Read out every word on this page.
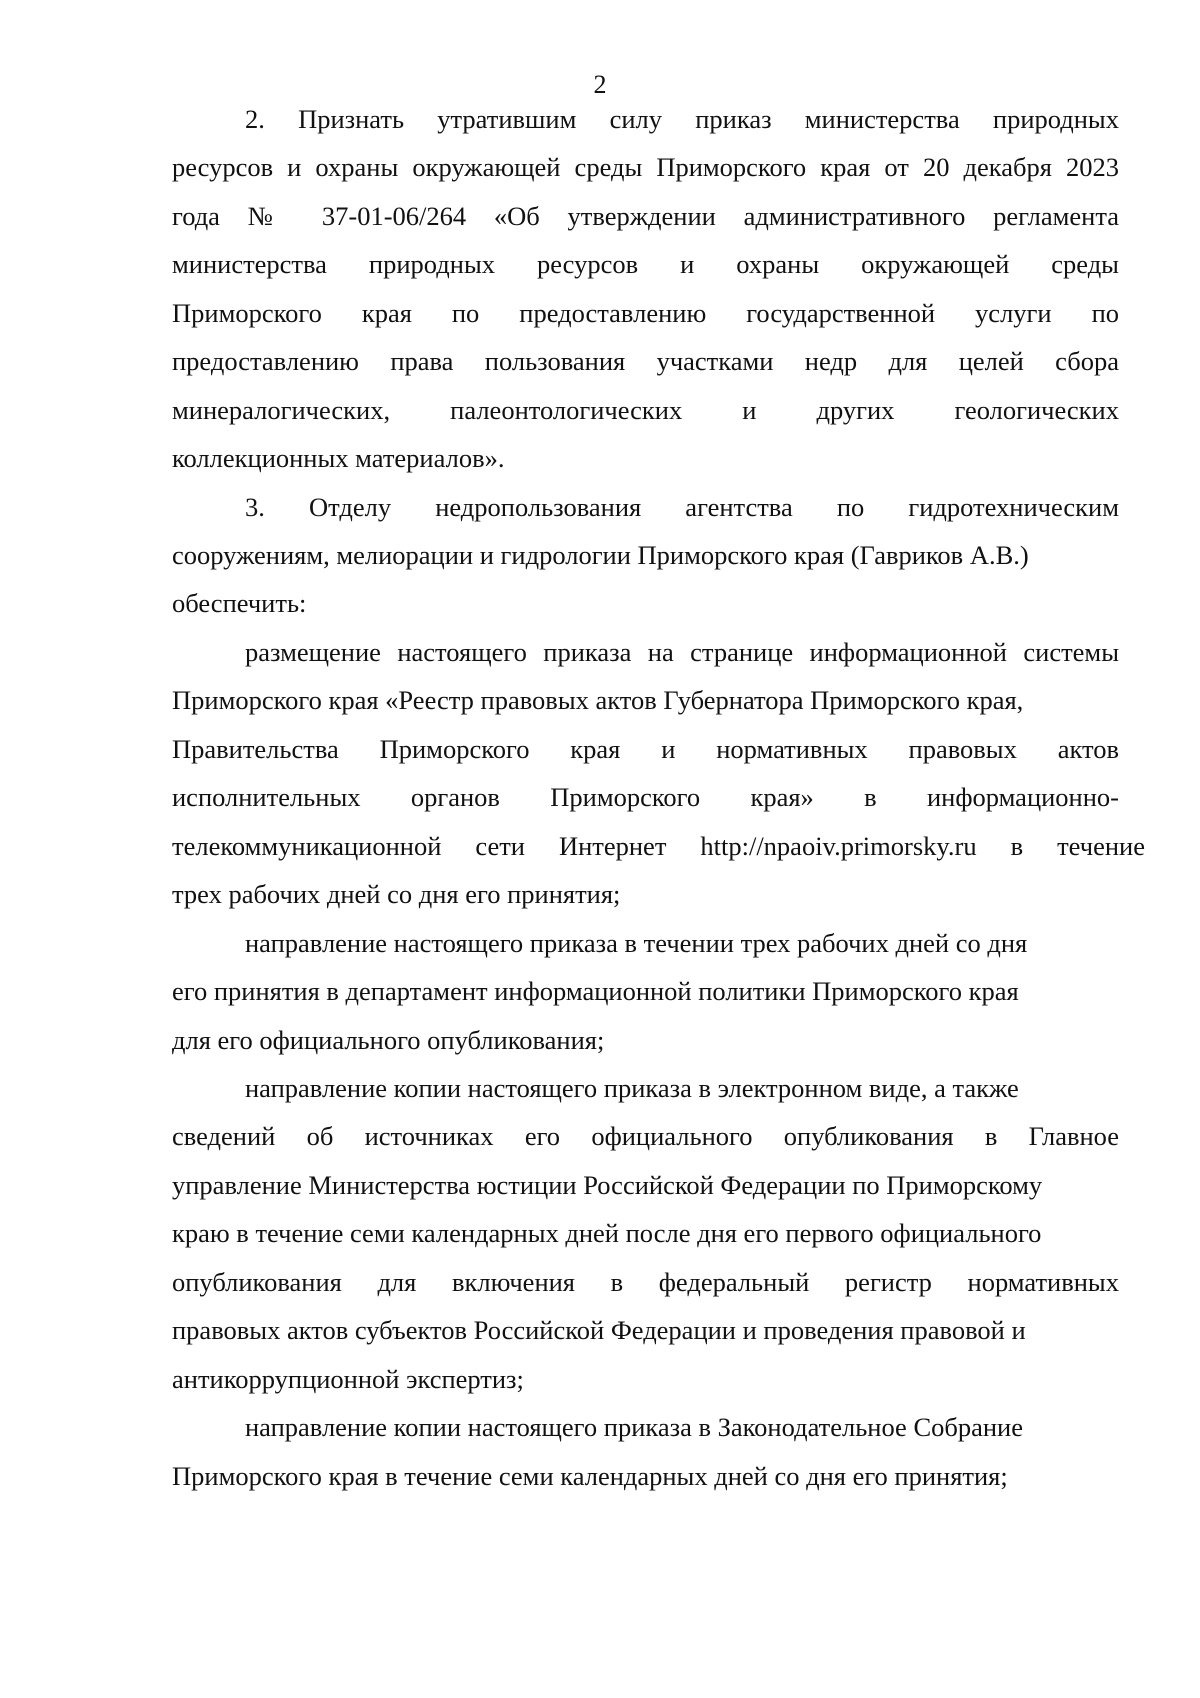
2
2. Признать утратившим силу приказ министерства природных
ресурсов и охраны окружающей среды Приморского края от 20 декабря 2023
года № 37-01-06/264 «Об утверждении административного регламента
министерства природных ресурсов и охраны окружающей среды
Приморского края по предоставлению государственной услуги по
предоставлению права пользования участками недр для целей сбора
минералогических, палеонтологических и других геологических
коллекционных материалов».
3. Отделу недропользования агентства по гидротехническим
сооружениям, мелиорации и гидрологии Приморского края (Гавриков А.В.)
обеспечить:
размещение настоящего приказа на странице информационной системы
Приморского края «Реестр правовых актов Губернатора Приморского края,
Правительства Приморского края и нормативных правовых актов
исполнительных органов Приморского края» в информационно-
телекоммуникационной сети Интернет http://npaoiv.primorsky.ru в течение
трех рабочих дней со дня его принятия;
направление настоящего приказа в течении трех рабочих дней со дня
его принятия в департамент информационной политики Приморского края
для его официального опубликования;
направление копии настоящего приказа в электронном виде, а также
сведений об источниках его официального опубликования в Главное
управление Министерства юстиции Российской Федерации по Приморскому
краю в течение семи календарных дней после дня его первого официального
опубликования для включения в федеральный регистр нормативных
правовых актов субъектов Российской Федерации и проведения правовой и
антикоррупционной экспертиз;
направление копии настоящего приказа в Законодательное Собрание
Приморского края в течение семи календарных дней со дня его принятия;
